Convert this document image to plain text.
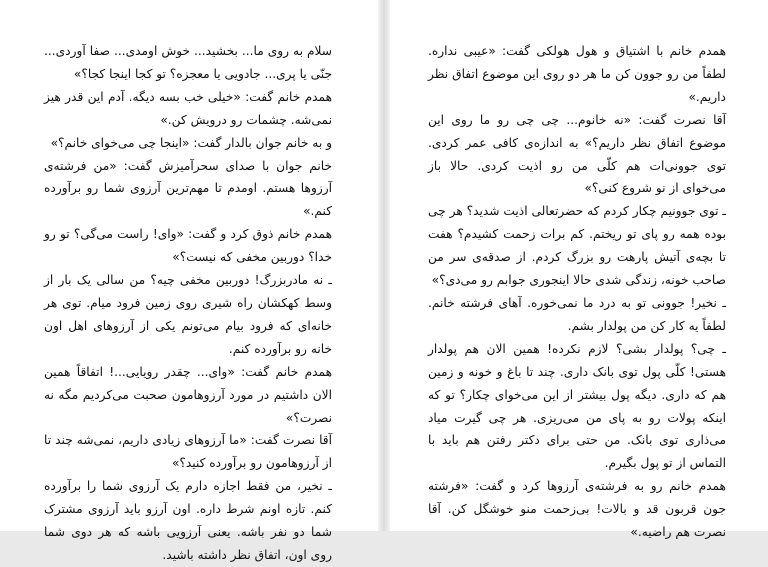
سلام به روی ما... بخشید... خوش اومدی... صفا آوردی... جنّی یا پری... جادویی یا معجزه؟ تو کجا اینجا کجا؟»

همدم خانم گفت: «خیلی خب بسه دیگه. آدم این قدر هیز نمی‌شه. چشمات رو درویش کن.»

و به خانم جوان بالدار گفت: «اینجا چی می‌خوای خانم؟»

خانم جوان با صدای سحرآمیزش گفت: «من فرشته‌ی آرزوها هستم. اومدم تا مهم‌ترین آرزوی شما رو برآورده کنم.»

همدم خانم ذوق کرد و گفت: «وای! راست می‌گی؟ تو رو خدا؟ دوربین مخفی که نیست؟»

ـ نه مادربزرگ! دوربین مخفی چیه؟ من سالی یک بار از وسط کهکشان راه شیری روی زمین فرود میام. توی هر خانه‌ای که فرود بیام می‌تونم یکی از آرزوهای اهل اون خانه رو برآورده کنم.

همدم خانم گفت: «وای... چقدر رویایی...! اتفاقاً همین الان داشتیم در مورد آرزوهامون صحبت می‌کردیم مگه نه نصرت؟»

آقا نصرت گفت: «ما آرزوهای زیادی داریم، نمی‌شه چند تا از آرزوهامون رو برآورده کنید؟»

ـ نخیر، من فقط اجازه دارم یک آرزوی شما را برآورده کنم. تازه اونم شرط داره. اون آرزو باید آرزوی مشترک شما دو نفر باشه. یعنی آرزویی باشه که هر دوی شما روی اون، اتفاق نظر داشته باشید.

همدم خانم با اشتیاق و هول هولکی گفت: «عیبی نداره. لطفاً من رو جوون کن ما هر دو روی این موضوع اتفاق نظر داریم.»

آقا نصرت گفت: «نه خانوم... چی چی رو ما روی این موضوع اتفاق نظر داریم؟» به اندازه‌ی کافی عمر کردی. توی جوونی‌ات هم کلّی من رو اذیت کردی. حالا باز می‌خوای از نو شروع کنی؟»

ـ توی جوونیم چکار کردم که حضرتعالی اذیت شدید؟ هر چی بوده همه رو پای تو ریختم. کم برات زحمت کشیدم؟ هفت تا بچه‌ی آتیش پارهت رو بزرگ کردم. از صدقه‌ی سر من صاحب خونه، زندگی شدی حالا اینجوری جوابم رو می‌دی؟»

ـ نخیر! جوونی تو به درد ما نمی‌خوره. آهای فرشته خانم. لطفاً یه کار کن من پولدار بشم.

ـ چی؟ پولدار بشی؟ لازم نکرده! همین الان هم پولدار هستی! کلّی پول توی بانک داری. چند تا باغ و خونه و زمین هم که داری. دیگه پول بیشتر از این می‌خوای چکار؟ تو که اینکه پولات رو به پای من می‌ریزی. هر چی گیرت میاد می‌ذاری توی بانک. من حتی برای دکتر رفتن هم باید با التماس از تو پول بگیرم.

همدم خانم رو به فرشته‌ی آرزوها کرد و گفت: «فرشته جون قربون قد و بالات! بی‌زحمت منو خوشگل کن. آقا نصرت هم راضیه.»
